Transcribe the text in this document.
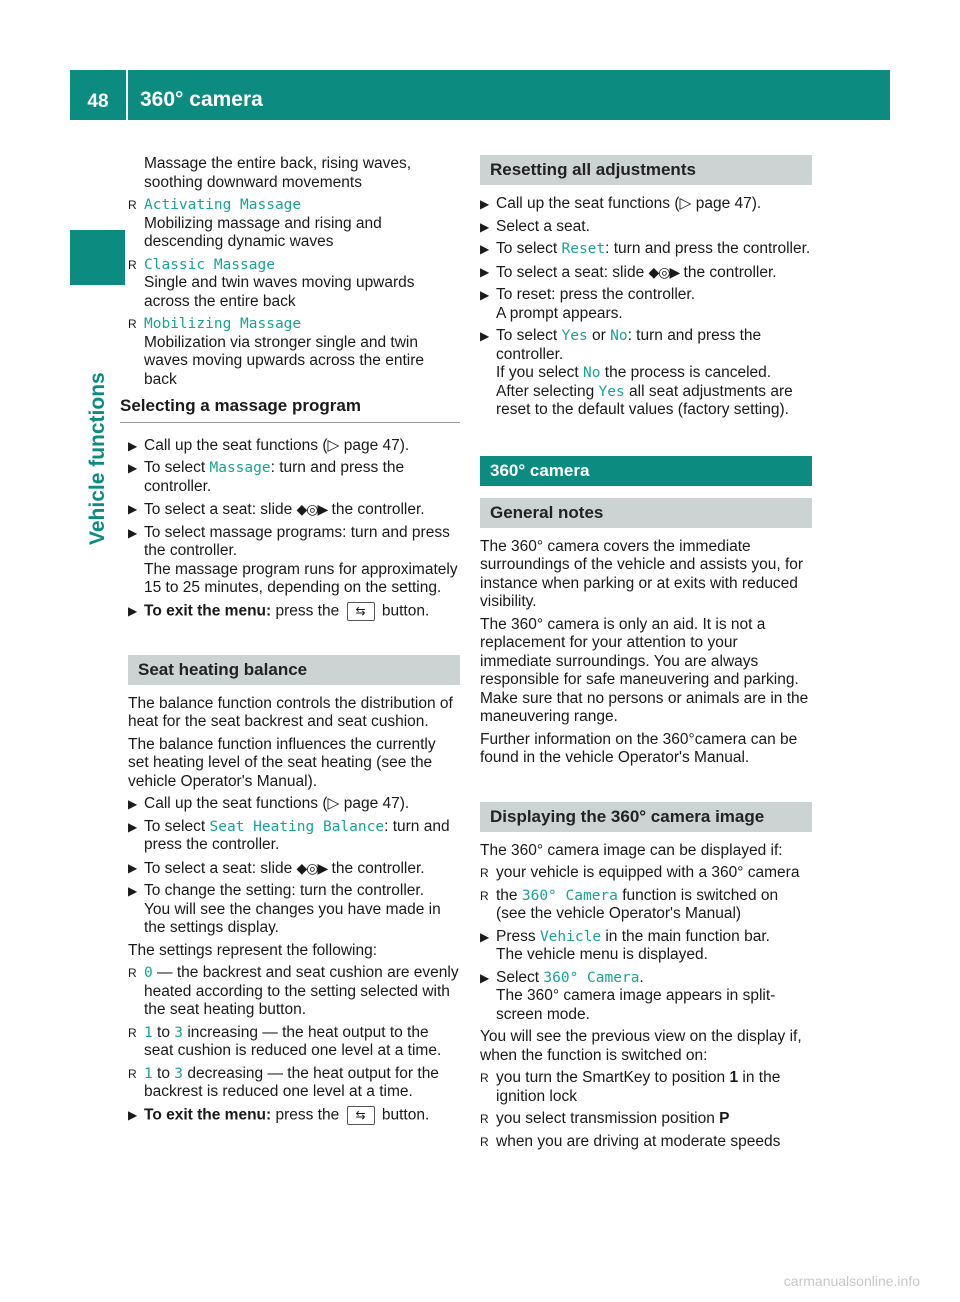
48	360° camera
Vehicle functions

Massage the entire back, rising waves, soothing downward movements

R Activating Massage
Mobilizing massage and rising and descending dynamic waves
R Classic Massage
Single and twin waves moving upwards across the entire back
R Mobilizing Massage
Mobilization via stronger single and twin waves moving upwards across the entire back
Selecting a massage program
▶ Call up the seat functions (▷ page 47).
▶ To select Massage: turn and press the controller.
▶ To select a seat: slide ◆◎▶ the controller.
▶ To select massage programs: turn and press the controller.
The massage program runs for approximately 15 to 25 minutes, depending on the setting.
▶ To exit the menu: press the ⇆ button.
Seat heating balance

The balance function controls the distribution of heat for the seat backrest and seat cushion.

The balance function influences the currently set heating level of the seat heating (see the vehicle Operator's Manual).

▶ Call up the seat functions (▷ page 47).
▶ To select Seat Heating Balance: turn and press the controller.
▶ To select a seat: slide ◆◎▶ the controller.
▶ To change the setting: turn the controller.
You will see the changes you have made in the settings display.

The settings represent the following:

R 0 — the backrest and seat cushion are evenly heated according to the setting selected with the seat heating button.
R 1 to 3 increasing — the heat output to the seat cushion is reduced one level at a time.
R 1 to 3 decreasing — the heat output for the backrest is reduced one level at a time.
▶ To exit the menu: press the ⇆ button.
Resetting all adjustments
▶ Call up the seat functions (▷ page 47).
▶ Select a seat.
▶ To select Reset: turn and press the controller.
▶ To select a seat: slide ◆◎▶ the controller.
▶ To reset: press the controller.
A prompt appears.
▶ To select Yes or No: turn and press the controller.
If you select No the process is canceled.
After selecting Yes all seat adjustments are reset to the default values (factory setting).
360° camera
General notes

The 360° camera covers the immediate surroundings of the vehicle and assists you, for instance when parking or at exits with reduced visibility.

The 360° camera is only an aid. It is not a replacement for your attention to your immediate surroundings. You are always responsible for safe maneuvering and parking. Make sure that no persons or animals are in the maneuvering range.

Further information on the 360°camera can be found in the vehicle Operator's Manual.

Displaying the 360° camera image

The 360° camera image can be displayed if:

R your vehicle is equipped with a 360° camera
R the 360° Camera function is switched on (see the vehicle Operator's Manual)
▶ Press Vehicle in the main function bar.
The vehicle menu is displayed.
▶ Select 360° Camera.
The 360° camera image appears in split-screen mode.

You will see the previous view on the display if, when the function is switched on:

R you turn the SmartKey to position 1 in the ignition lock
R you select transmission position P
R when you are driving at moderate speeds
carmanualsonline.info
